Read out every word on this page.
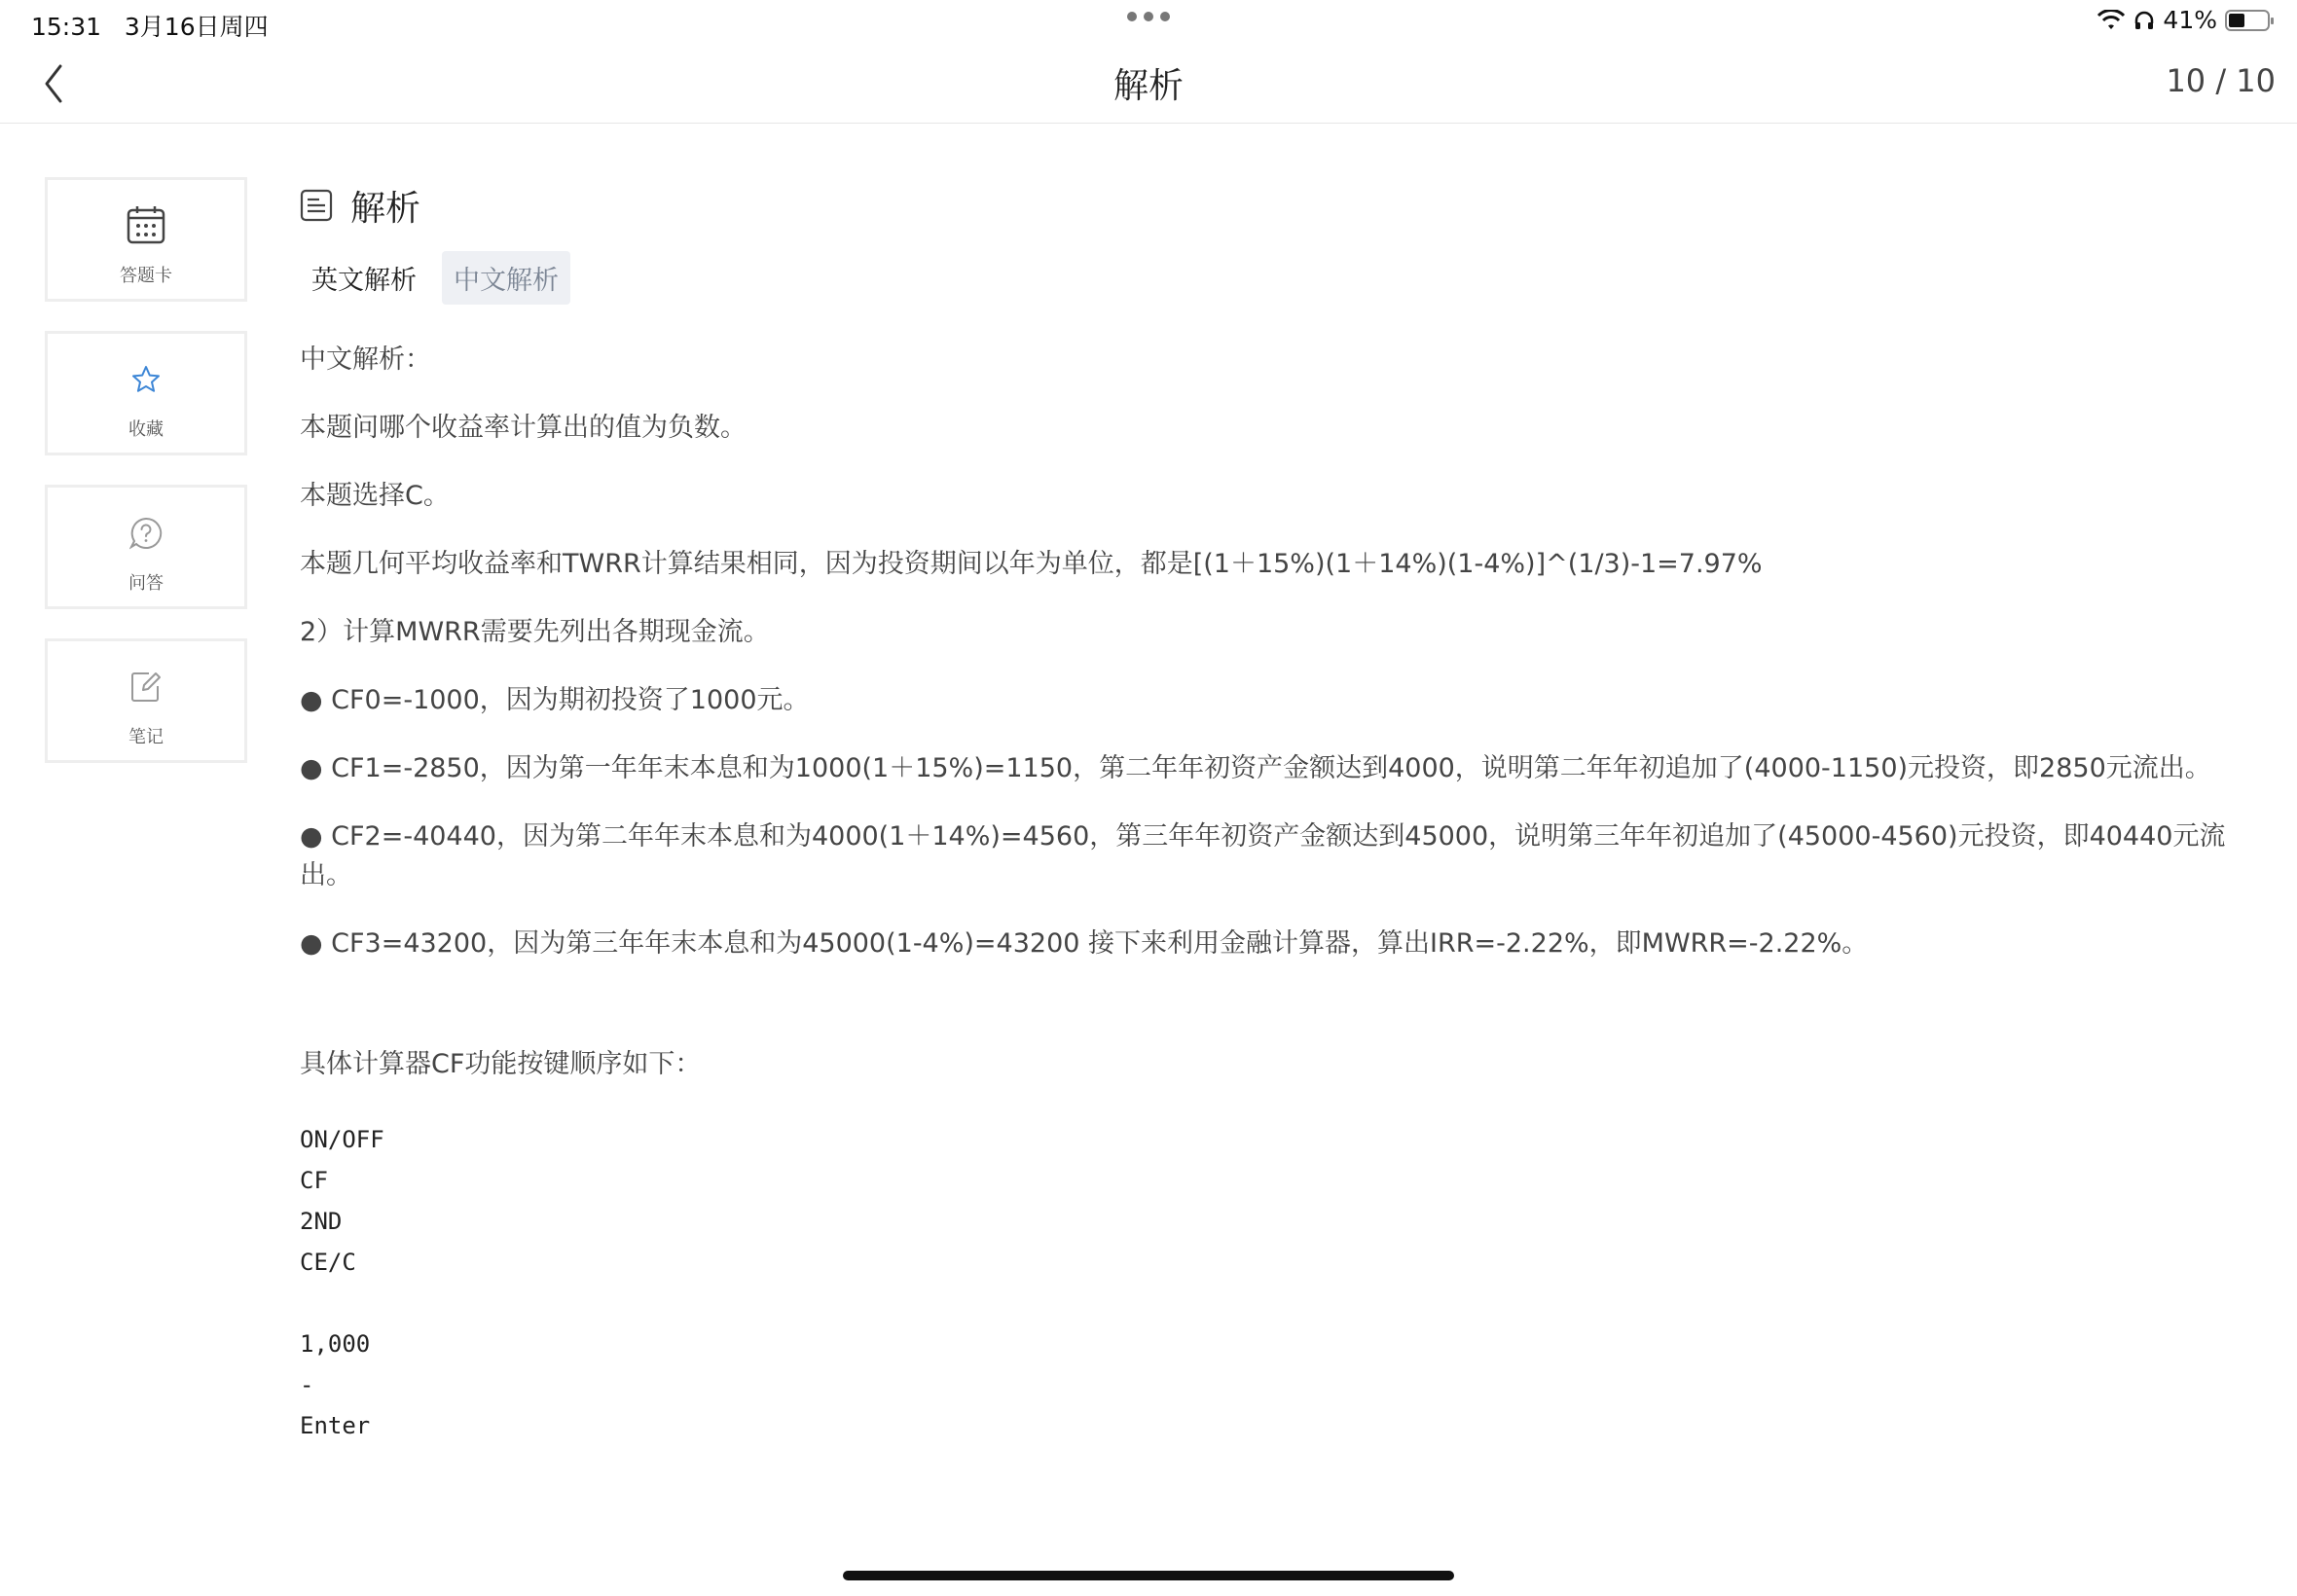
15:31 3月16日周四	41%
解析	10 / 10
答题卡
收藏
问答
笔记
解析
英文解析	中文解析

中文解析：

本题问哪个收益率计算出的值为负数。

本题选择C。

本题几何平均收益率和TWRR计算结果相同，因为投资期间以年为单位，都是[(1＋15%)(1＋14%)(1-4%)]^(1/3)-1=7.97%

2）计算MWRR需要先列出各期现金流。

● CF0=-1000，因为期初投资了1000元。

● CF1=-2850，因为第一年年末本息和为1000(1＋15%)=1150，第二年年初资产金额达到4000，说明第二年年初追加了(4000-1150)元投资，即2850元流出。

● CF2=-40440，因为第二年年末本息和为4000(1＋14%)=4560，第三年年初资产金额达到45000，说明第三年年初追加了(45000-4560)元投资，即40440元流出。

● CF3=43200，因为第三年年末本息和为45000(1-4%)=43200 接下来利用金融计算器，算出IRR=-2.22%，即MWRR=-2.22%。

具体计算器CF功能按键顺序如下：

ON/OFF
CF
2ND
CE/C
1,000
-
Enter
